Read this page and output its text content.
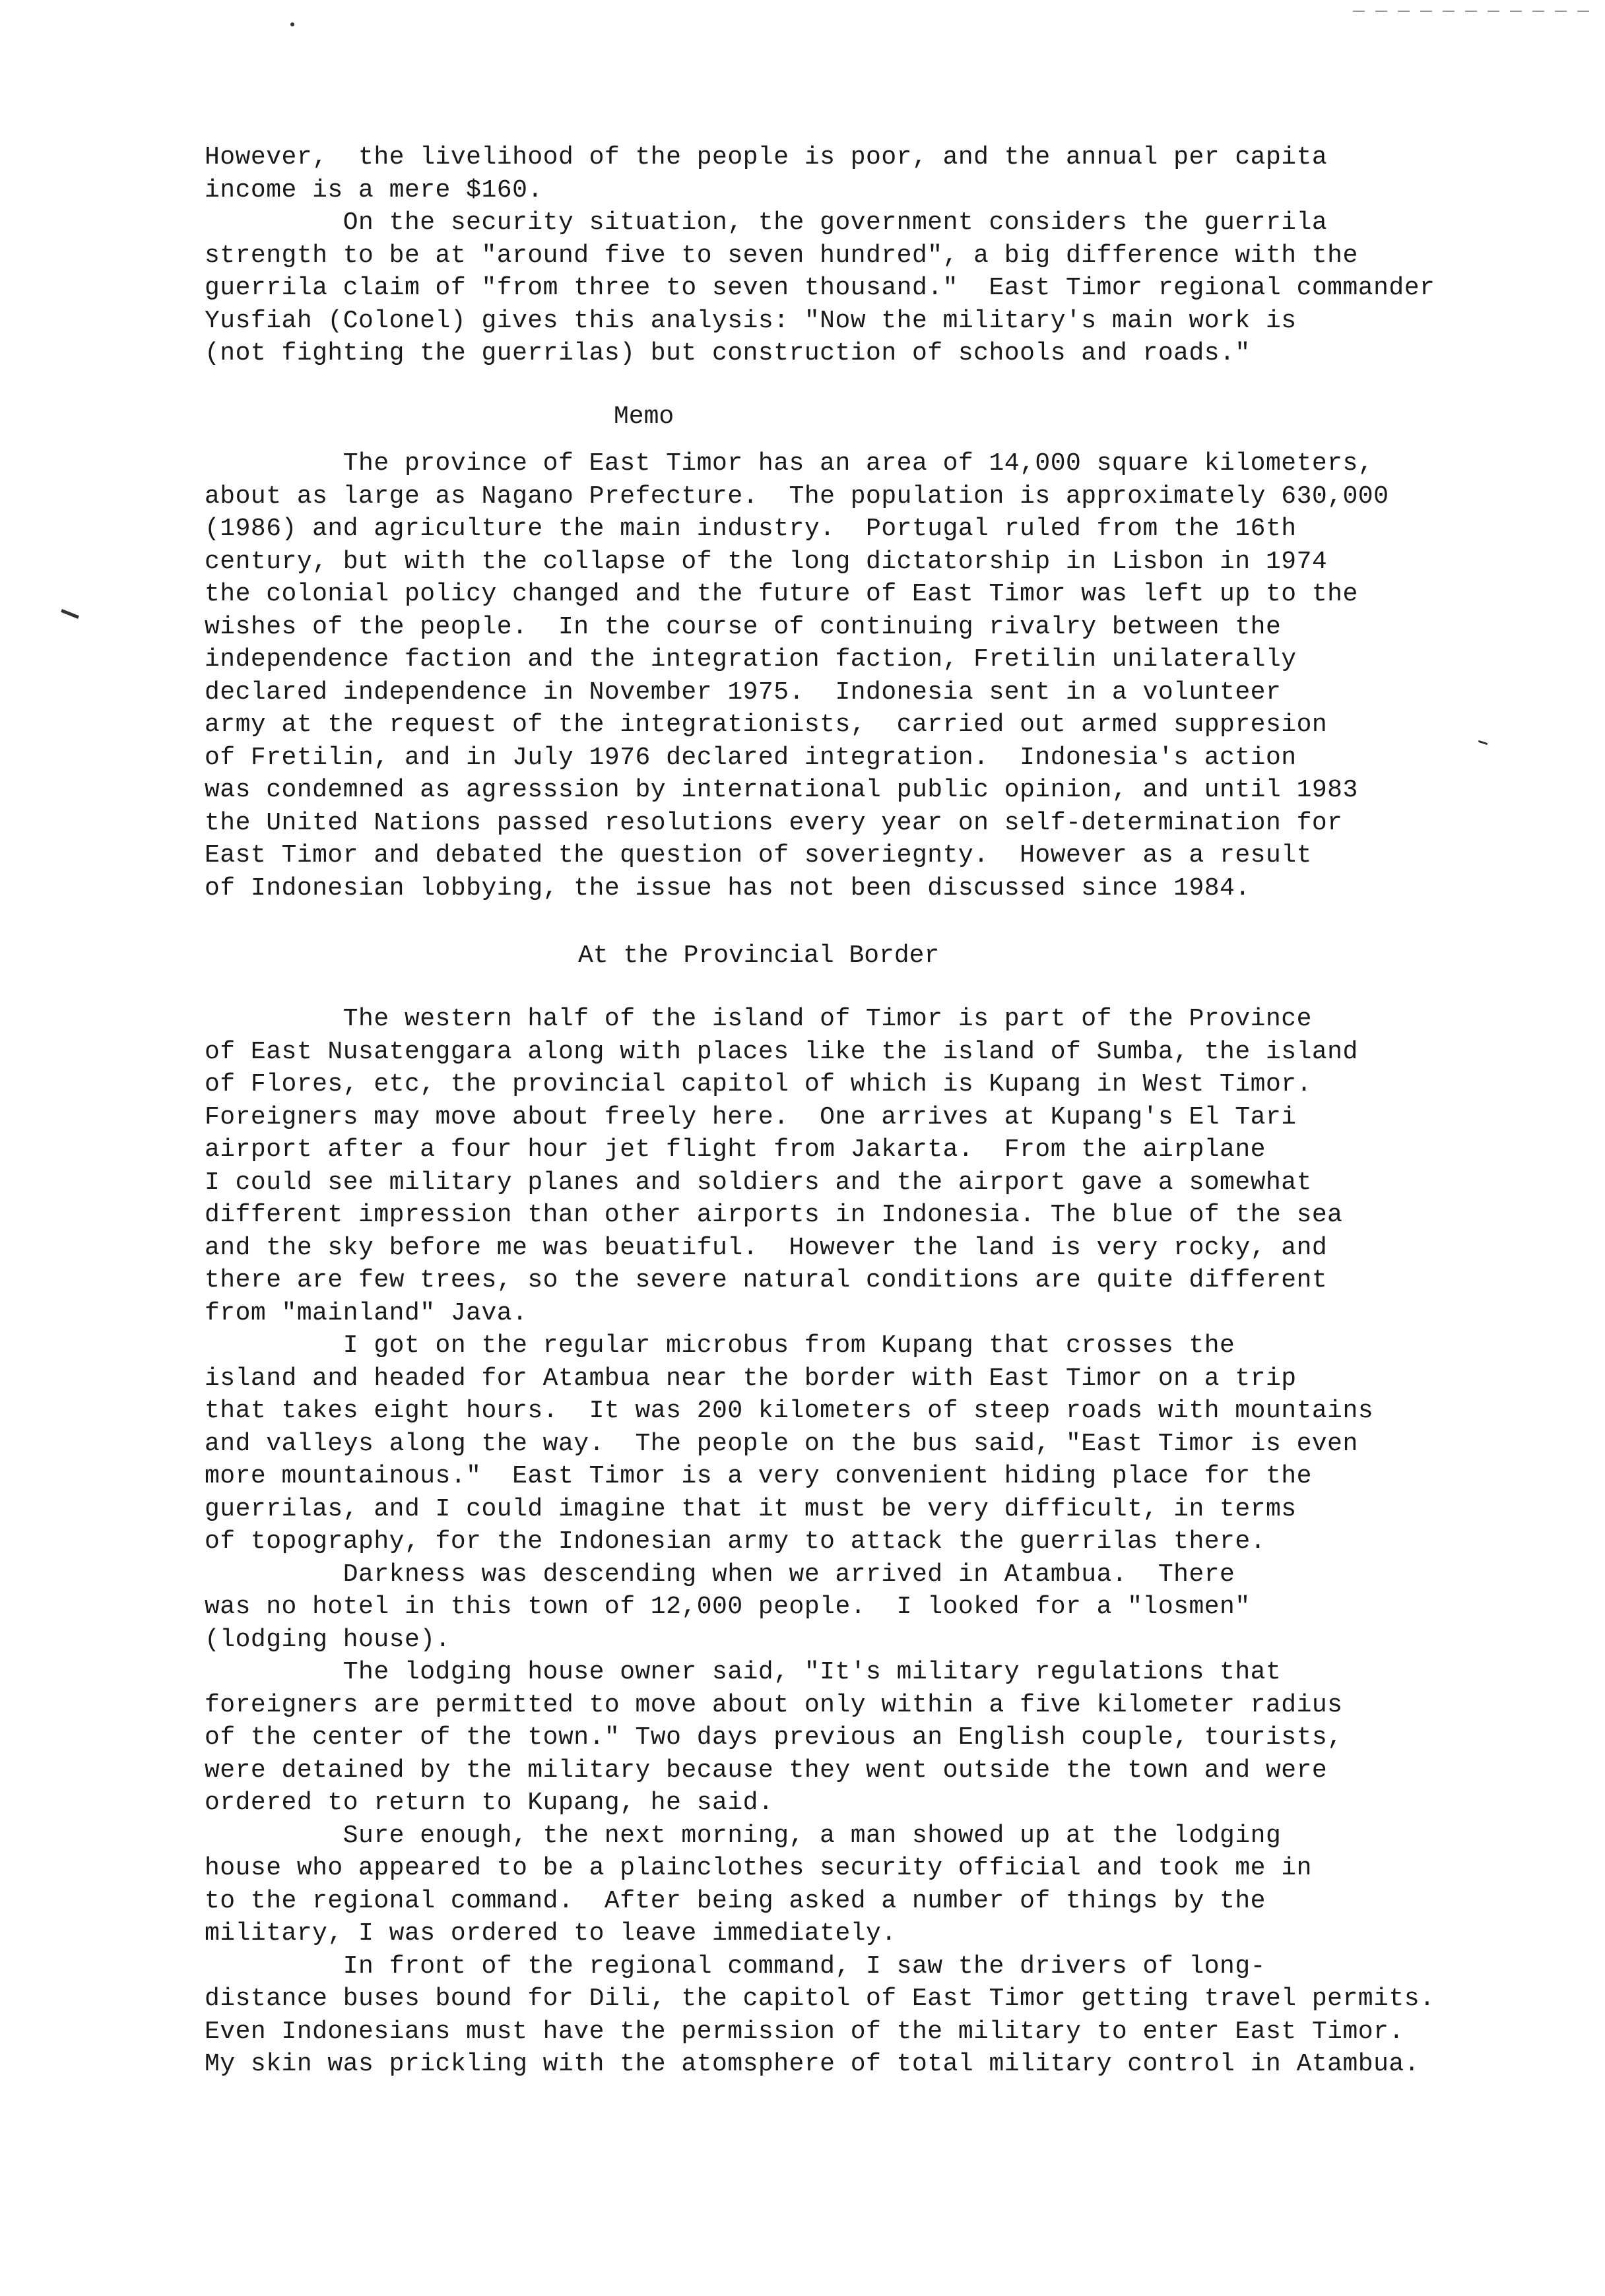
However,  the livelihood of the people is poor, and the annual per capita
income is a mere $160.
On the security situation, the government considers the guerrila
strength to be at "around five to seven hundred", a big difference with the
guerrila claim of "from three to seven thousand."  East Timor regional commander
Yusfiah (Colonel) gives this analysis: "Now the military's main work is
(not fighting the guerrilas) but construction of schools and roads."
Memo
The province of East Timor has an area of 14,000 square kilometers,
about as large as Nagano Prefecture.  The population is approximately 630,000
(1986) and agriculture the main industry.  Portugal ruled from the 16th
century, but with the collapse of the long dictatorship in Lisbon in 1974
the colonial policy changed and the future of East Timor was left up to the
wishes of the people.  In the course of continuing rivalry between the
independence faction and the integration faction, Fretilin unilaterally
declared independence in November 1975.  Indonesia sent in a volunteer
army at the request of the integrationists,  carried out armed suppresion
of Fretilin, and in July 1976 declared integration.  Indonesia's action
was condemned as agresssion by international public opinion, and until 1983
the United Nations passed resolutions every year on self-determination for
East Timor and debated the question of soveriegnty.  However as a result
of Indonesian lobbying, the issue has not been discussed since 1984.
At the Provincial Border
The western half of the island of Timor is part of the Province
of East Nusatenggara along with places like the island of Sumba, the island
of Flores, etc, the provincial capitol of which is Kupang in West Timor.
Foreigners may move about freely here.  One arrives at Kupang's El Tari
airport after a four hour jet flight from Jakarta.  From the airplane
I could see military planes and soldiers and the airport gave a somewhat
different impression than other airports in Indonesia. The blue of the sea
and the sky before me was beuatiful.  However the land is very rocky, and
there are few trees, so the severe natural conditions are quite different
from "mainland" Java.
I got on the regular microbus from Kupang that crosses the
island and headed for Atambua near the border with East Timor on a trip
that takes eight hours.  It was 200 kilometers of steep roads with mountains
and valleys along the way.  The people on the bus said, "East Timor is even
more mountainous."  East Timor is a very convenient hiding place for the
guerrilas, and I could imagine that it must be very difficult, in terms
of topography, for the Indonesian army to attack the guerrilas there.
Darkness was descending when we arrived in Atambua.  There
was no hotel in this town of 12,000 people.  I looked for a "losmen"
(lodging house).
The lodging house owner said, "It's military regulations that
foreigners are permitted to move about only within a five kilometer radius
of the center of the town." Two days previous an English couple, tourists,
were detained by the military because they went outside the town and were
ordered to return to Kupang, he said.
Sure enough, the next morning, a man showed up at the lodging
house who appeared to be a plainclothes security official and took me in
to the regional command.  After being asked a number of things by the
military, I was ordered to leave immediately.
In front of the regional command, I saw the drivers of long-
distance buses bound for Dili, the capitol of East Timor getting travel permits.
Even Indonesians must have the permission of the military to enter East Timor.
My skin was prickling with the atomsphere of total military control in Atambua.
